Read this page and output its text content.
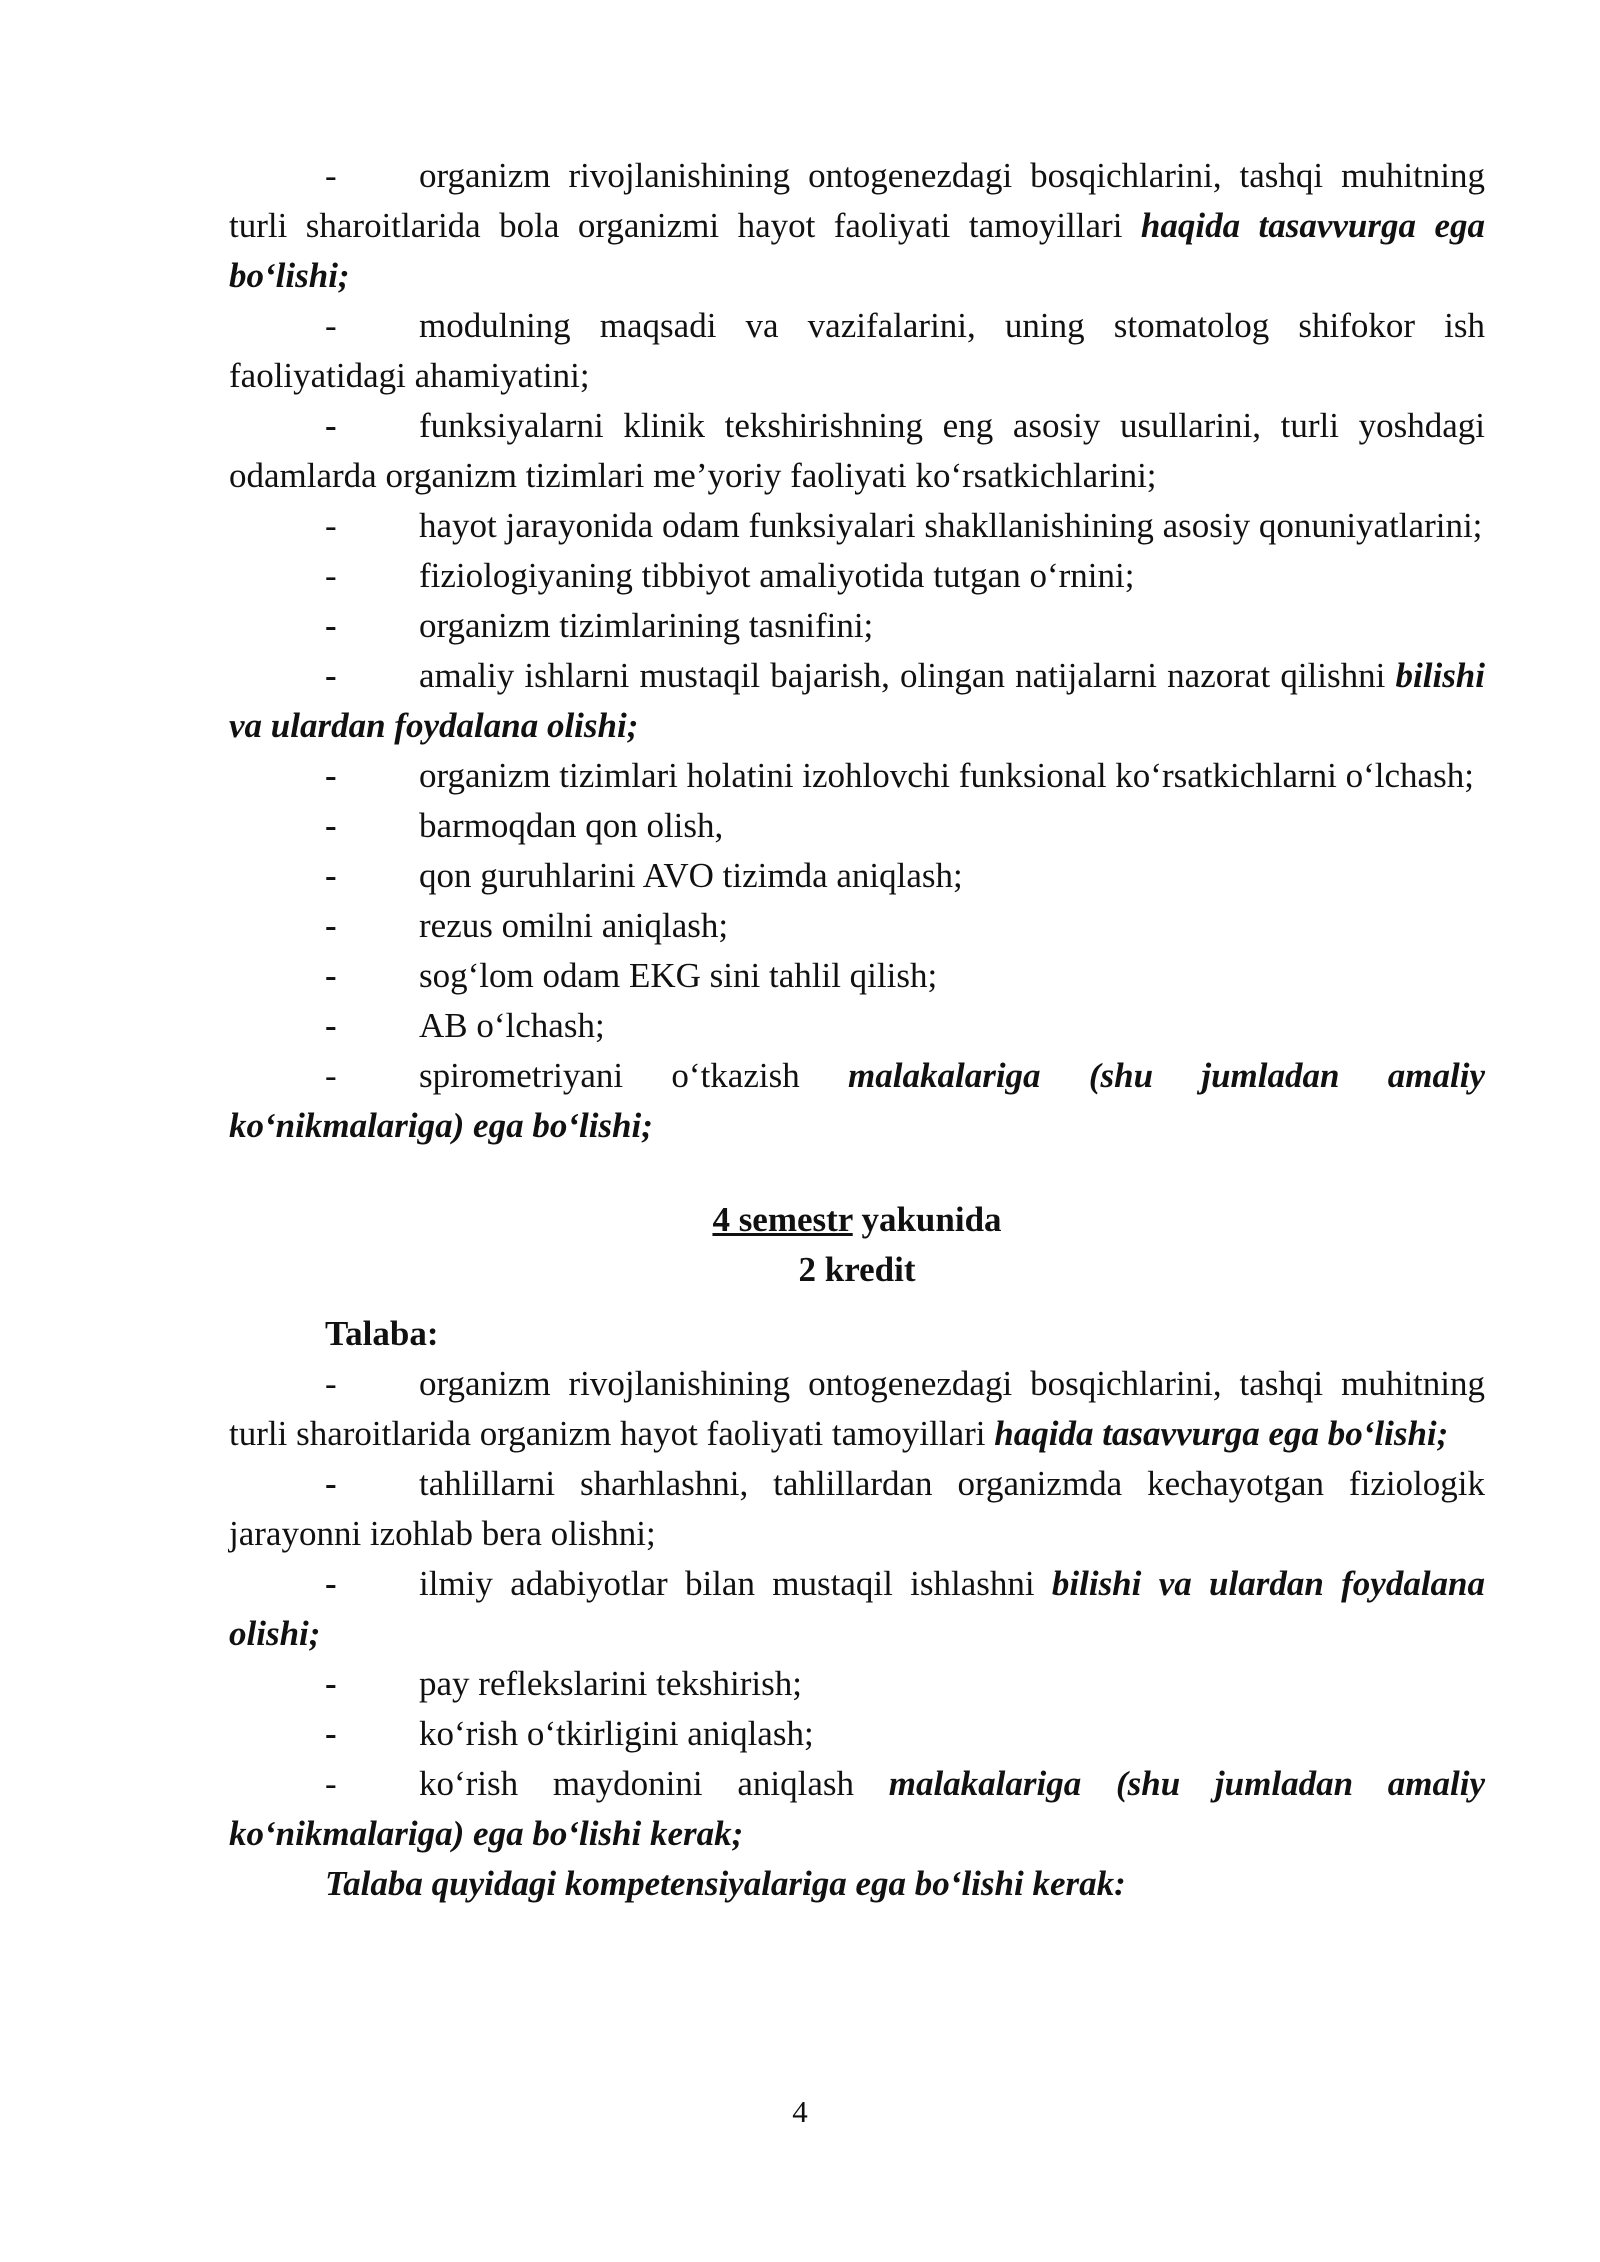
- organizm rivojlanishining ontogenezdagi bosqichlarini, tashqi muhitning turli sharoitlarida bola organizmi hayot faoliyati tamoyillari haqida tasavvurga ega bo‘lishi;

- modulning maqsadi va vazifalarini, uning stomatolog shifokor ish faoliyatidagi ahamiyatini;

- funksiyalarni klinik tekshirishning eng asosiy usullarini, turli yoshdagi odamlarda organizm tizimlari me’yoriy faoliyati ko‘rsatkichlarini;

- hayot jarayonida odam funksiyalari shakllanishining asosiy qonuniyatlarini;

- fiziologiyaning tibbiyot amaliyotida tutgan o‘rnini;

- organizm tizimlarining tasnifini;

- amaliy ishlarni mustaqil bajarish, olingan natijalarni nazorat qilishni bilishi va ulardan foydalana olishi;

- organizm tizimlari holatini izohlovchi funksional ko‘rsatkichlarni o‘lchash;

- barmoqdan qon olish,

- qon guruhlarini AVO tizimda aniqlash;

- rezus omilni aniqlash;

- sog‘lom odam EKG sini tahlil qilish;

- AB o‘lchash;

- spirometriyani o‘tkazish malakalariga (shu jumladan amaliy ko‘nikmalariga) ega bo‘lishi;

4 semestr yakunida

2 kredit

Talaba:

- organizm rivojlanishining ontogenezdagi bosqichlarini, tashqi muhitning turli sharoitlarida organizm hayot faoliyati tamoyillari haqida tasavvurga ega bo‘lishi;

- tahlillarni sharhlashni, tahlillardan organizmda kechayotgan fiziologik jarayonni izohlab bera olishni;

- ilmiy adabiyotlar bilan mustaqil ishlashni bilishi va ulardan foydalana olishi;

- pay reflekslarini tekshirish;

- ko‘rish o‘tkirligini aniqlash;

- ko‘rish maydonini aniqlash malakalariga (shu jumladan amaliy ko‘nikmalariga) ega bo‘lishi kerak;

Talaba quyidagi kompetensiyalariga ega bo‘lishi kerak:

4
